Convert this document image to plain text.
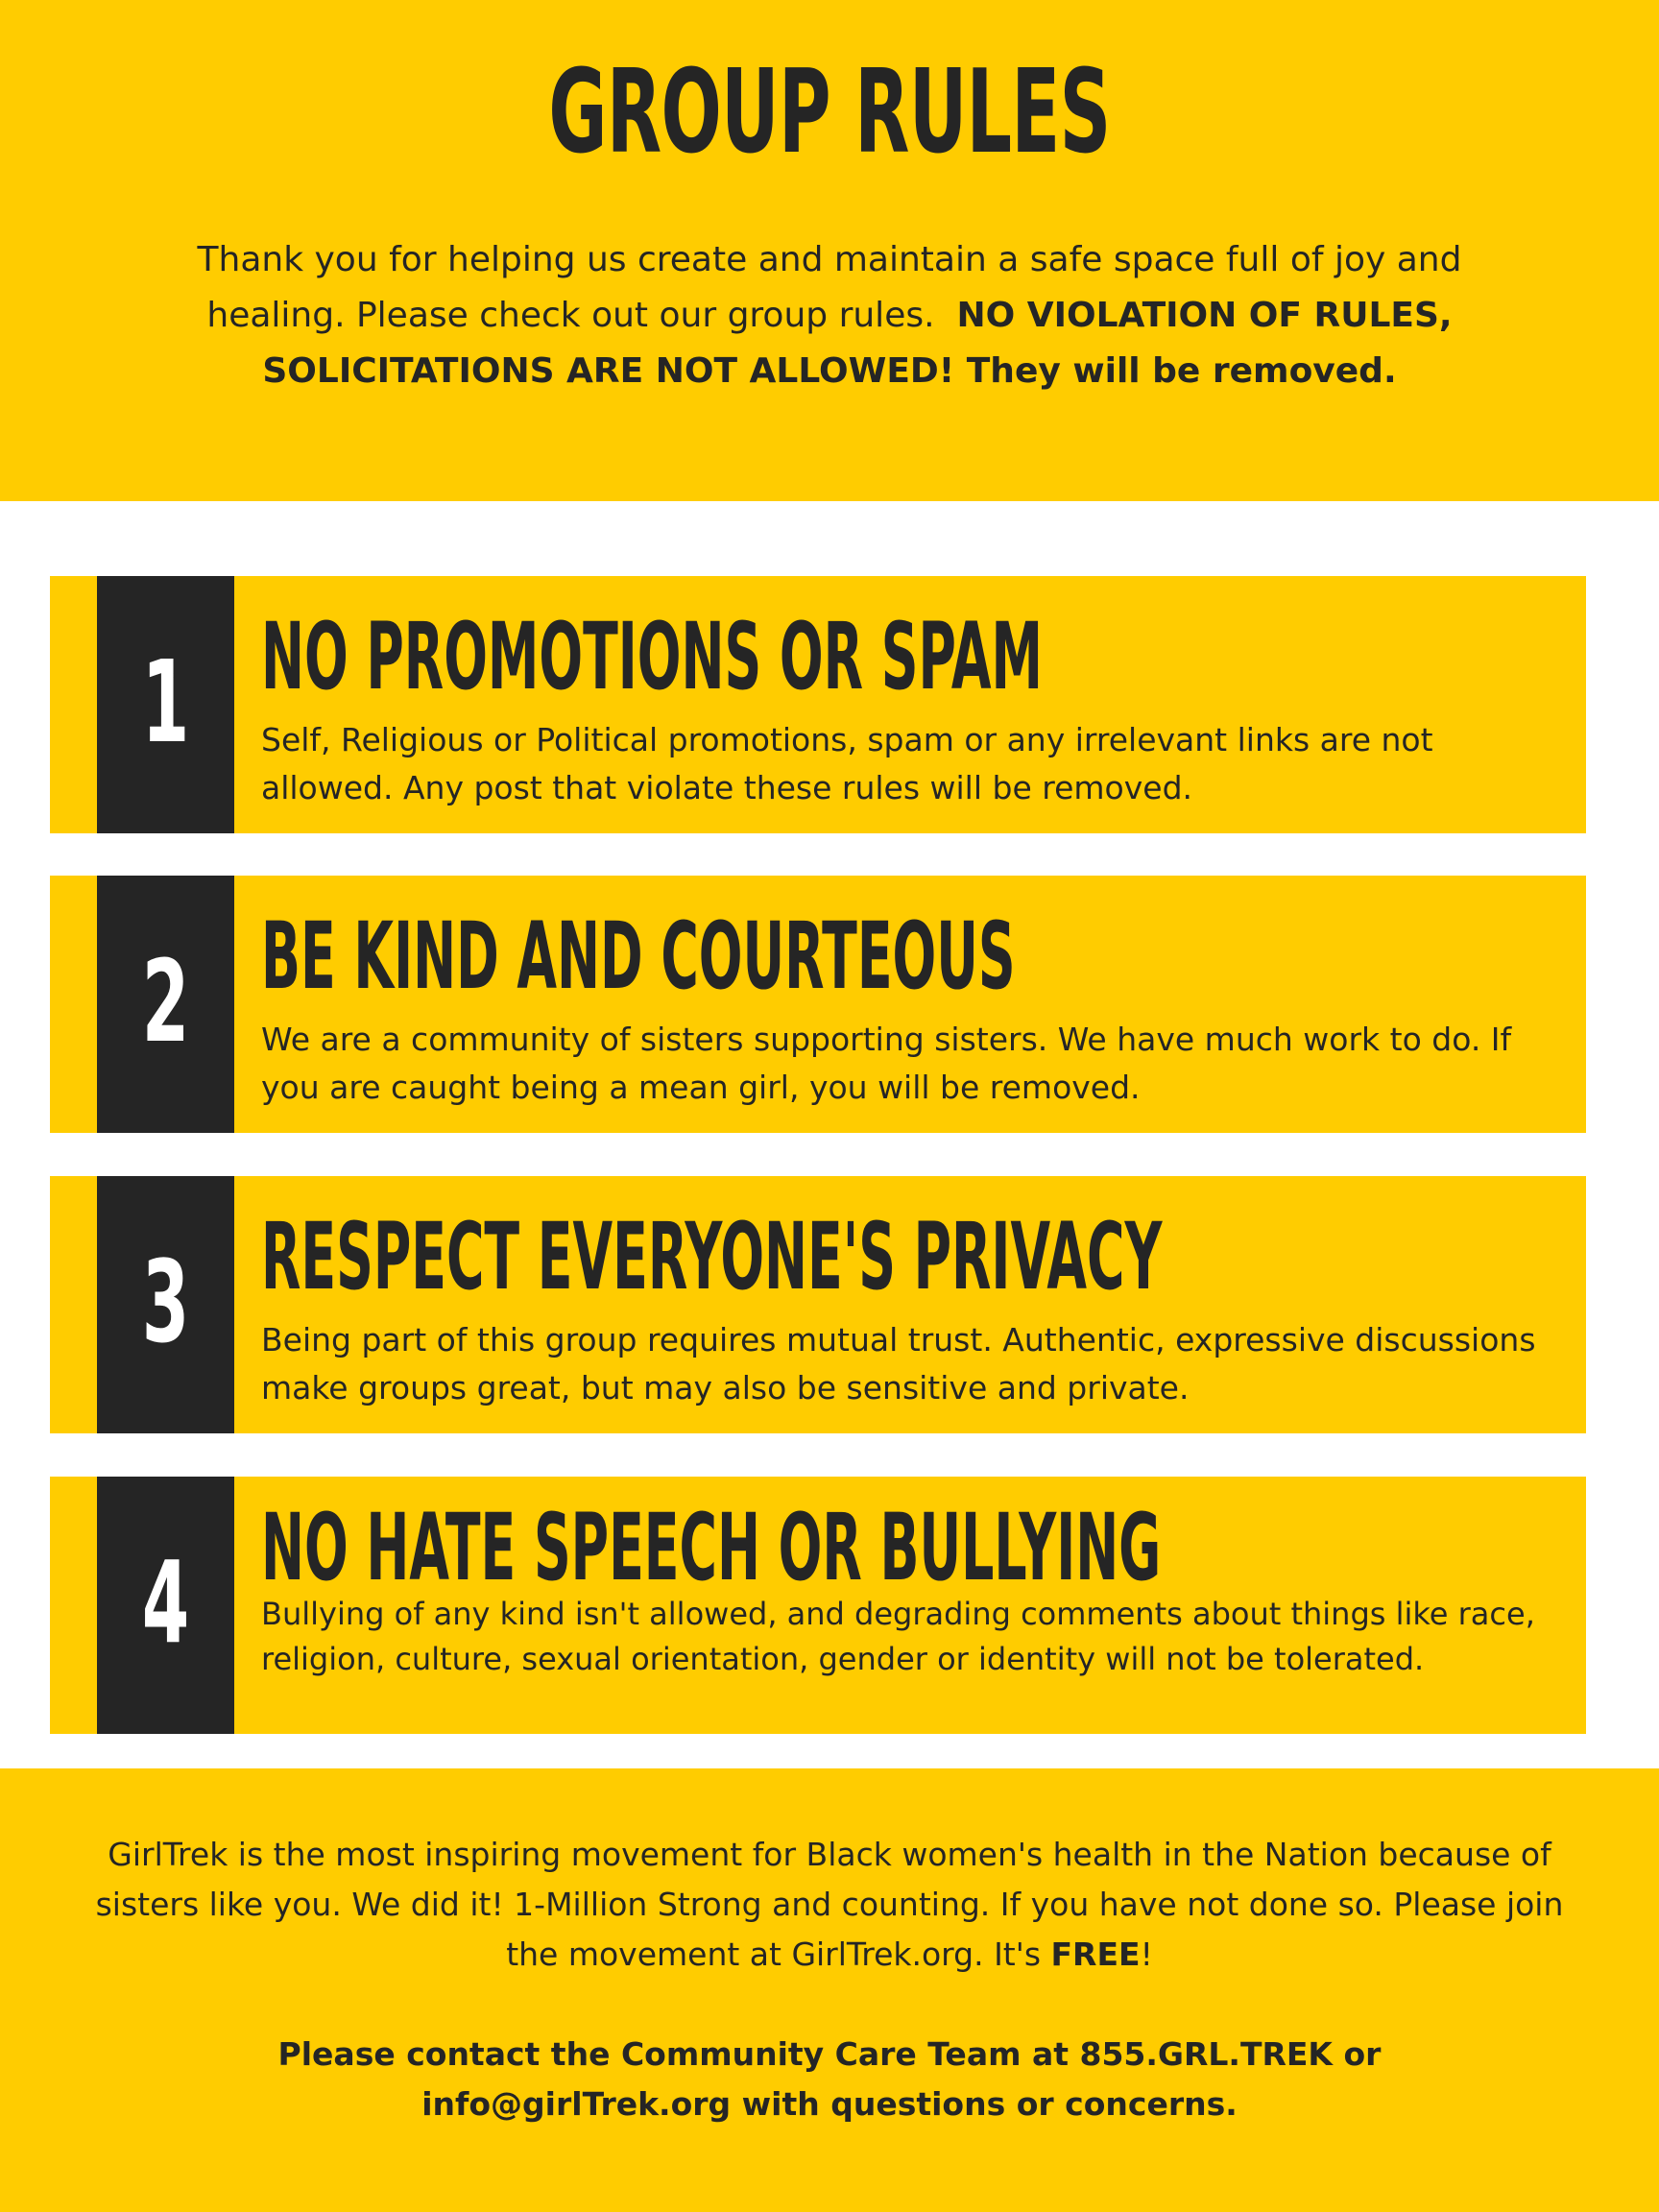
GROUP RULES
Thank you for helping us create and maintain a safe space full of joy and healing. Please check out our group rules. NO VIOLATION OF RULES, SOLICITATIONS ARE NOT ALLOWED! They will be removed.
1 NO PROMOTIONS OR SPAM
Self, Religious or Political promotions, spam or any irrelevant links are not allowed. Any post that violate these rules will be removed.
2 BE KIND AND COURTEOUS
We are a community of sisters supporting sisters. We have much work to do. If you are caught being a mean girl, you will be removed.
3 RESPECT EVERYONE'S PRIVACY
Being part of this group requires mutual trust. Authentic, expressive discussions make groups great, but may also be sensitive and private.
4 NO HATE SPEECH OR BULLYING
Bullying of any kind isn't allowed, and degrading comments about things like race, religion, culture, sexual orientation, gender or identity will not be tolerated.
GirlTrek is the most inspiring movement for Black women's health in the Nation because of sisters like you. We did it! 1-Million Strong and counting. If you have not done so. Please join the movement at GirlTrek.org. It's FREE!
Please contact the Community Care Team at 855.GRL.TREK or info@girlTrek.org with questions or concerns.
